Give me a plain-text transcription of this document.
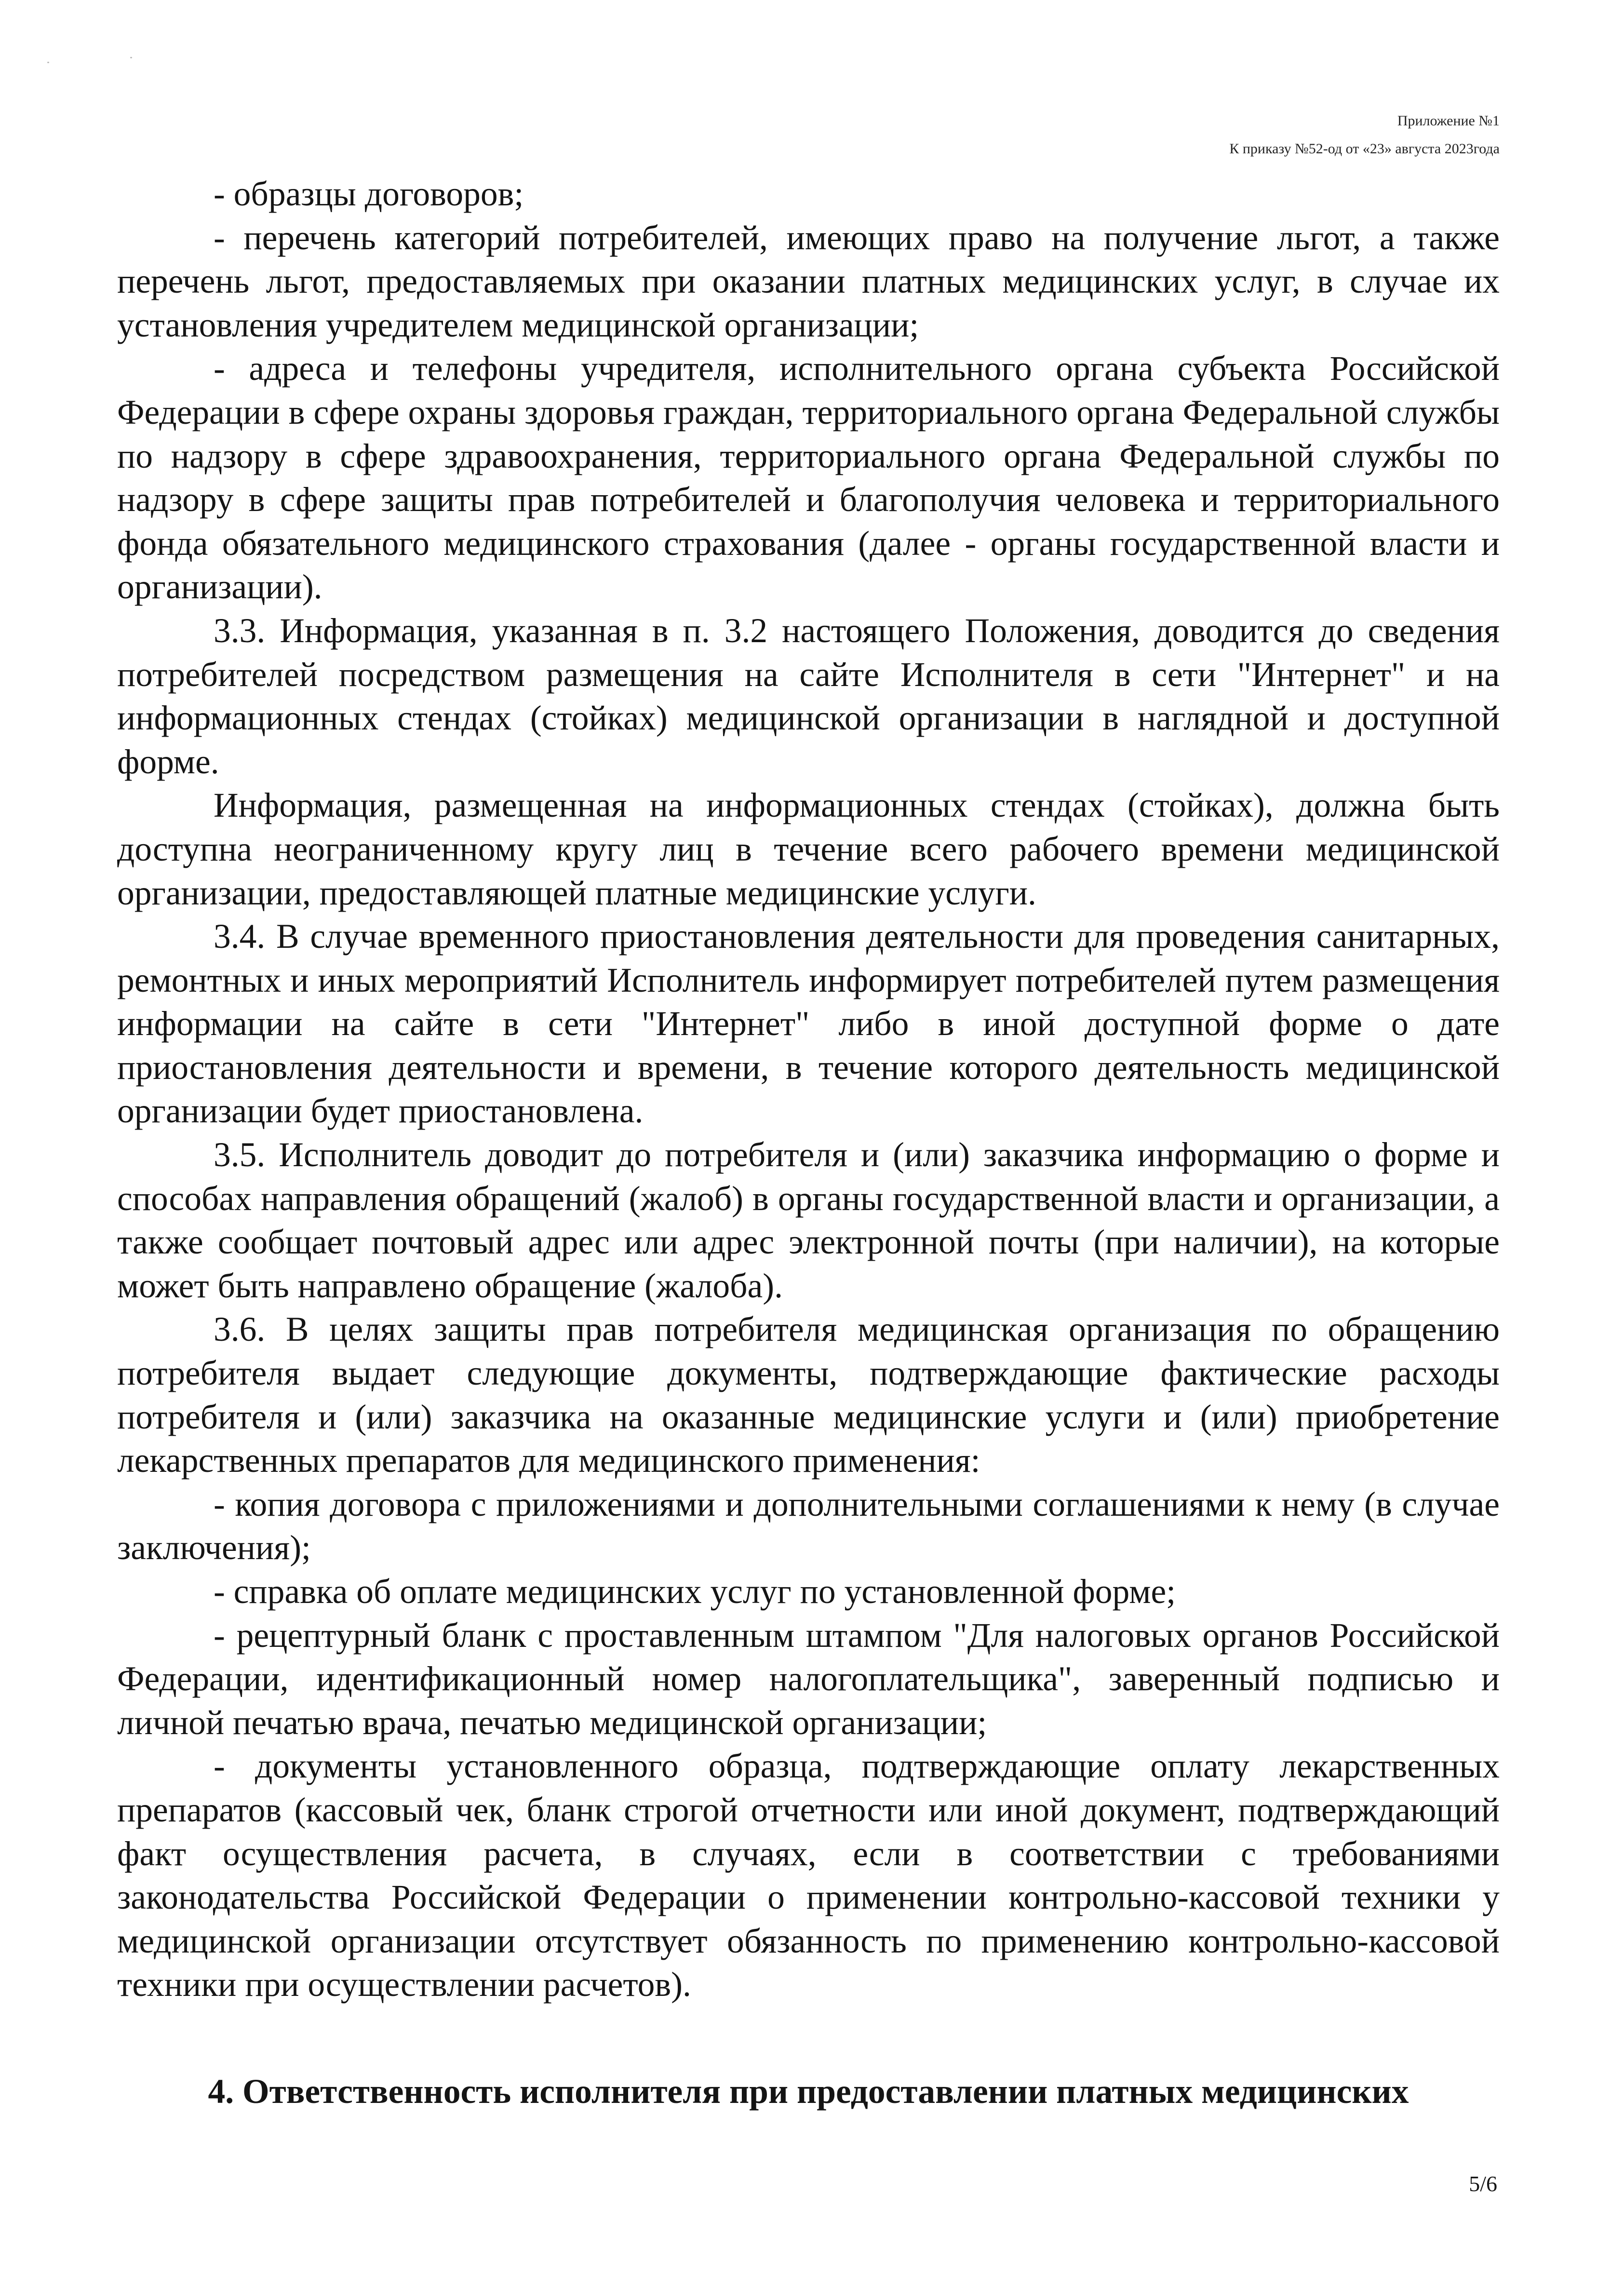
Приложение №1
К приказу №52-од от «23» августа 2023года

- образцы договоров;

- перечень категорий потребителей, имеющих право на получение льгот, а также перечень льгот, предоставляемых при оказании платных медицинских услуг, в случае их установления учредителем медицинской организации;

- адреса и телефоны учредителя, исполнительного органа субъекта Российской Федерации в сфере охраны здоровья граждан, территориального органа Федеральной службы по надзору в сфере здравоохранения, территориального органа Федеральной службы по надзору в сфере защиты прав потребителей и благополучия человека и территориального фонда обязательного медицинского страхования (далее - органы государственной власти и организации).

3.3. Информация, указанная в п. 3.2 настоящего Положения, доводится до сведения потребителей посредством размещения на сайте Исполнителя в сети "Интернет" и на информационных стендах (стойках) медицинской организации в наглядной и доступной форме.

Информация, размещенная на информационных стендах (стойках), должна быть доступна неограниченному кругу лиц в течение всего рабочего времени медицинской организации, предоставляющей платные медицинские услуги.

3.4. В случае временного приостановления деятельности для проведения санитарных, ремонтных и иных мероприятий Исполнитель информирует потребителей путем размещения информации на сайте в сети "Интернет" либо в иной доступной форме о дате приостановления деятельности и времени, в течение которого деятельность медицинской организации будет приостановлена.

3.5. Исполнитель доводит до потребителя и (или) заказчика информацию о форме и способах направления обращений (жалоб) в органы государственной власти и организации, а также сообщает почтовый адрес или адрес электронной почты (при наличии), на которые может быть направлено обращение (жалоба).

3.6. В целях защиты прав потребителя медицинская организация по обращению потребителя выдает следующие документы, подтверждающие фактические расходы потребителя и (или) заказчика на оказанные медицинские услуги и (или) приобретение лекарственных препаратов для медицинского применения:

- копия договора с приложениями и дополнительными соглашениями к нему (в случае заключения);

- справка об оплате медицинских услуг по установленной форме;

- рецептурный бланк с проставленным штампом "Для налоговых органов Российской Федерации, идентификационный номер налогоплательщика", заверенный подписью и личной печатью врача, печатью медицинской организации;

- документы установленного образца, подтверждающие оплату лекарственных препаратов (кассовый чек, бланк строгой отчетности или иной документ, подтверждающий факт осуществления расчета, в случаях, если в соответствии с требованиями законодательства Российской Федерации о применении контрольно-кассовой техники у медицинской организации отсутствует обязанность по применению контрольно-кассовой техники при осуществлении расчетов).

4. Ответственность исполнителя при предоставлении платных медицинских
5/6
